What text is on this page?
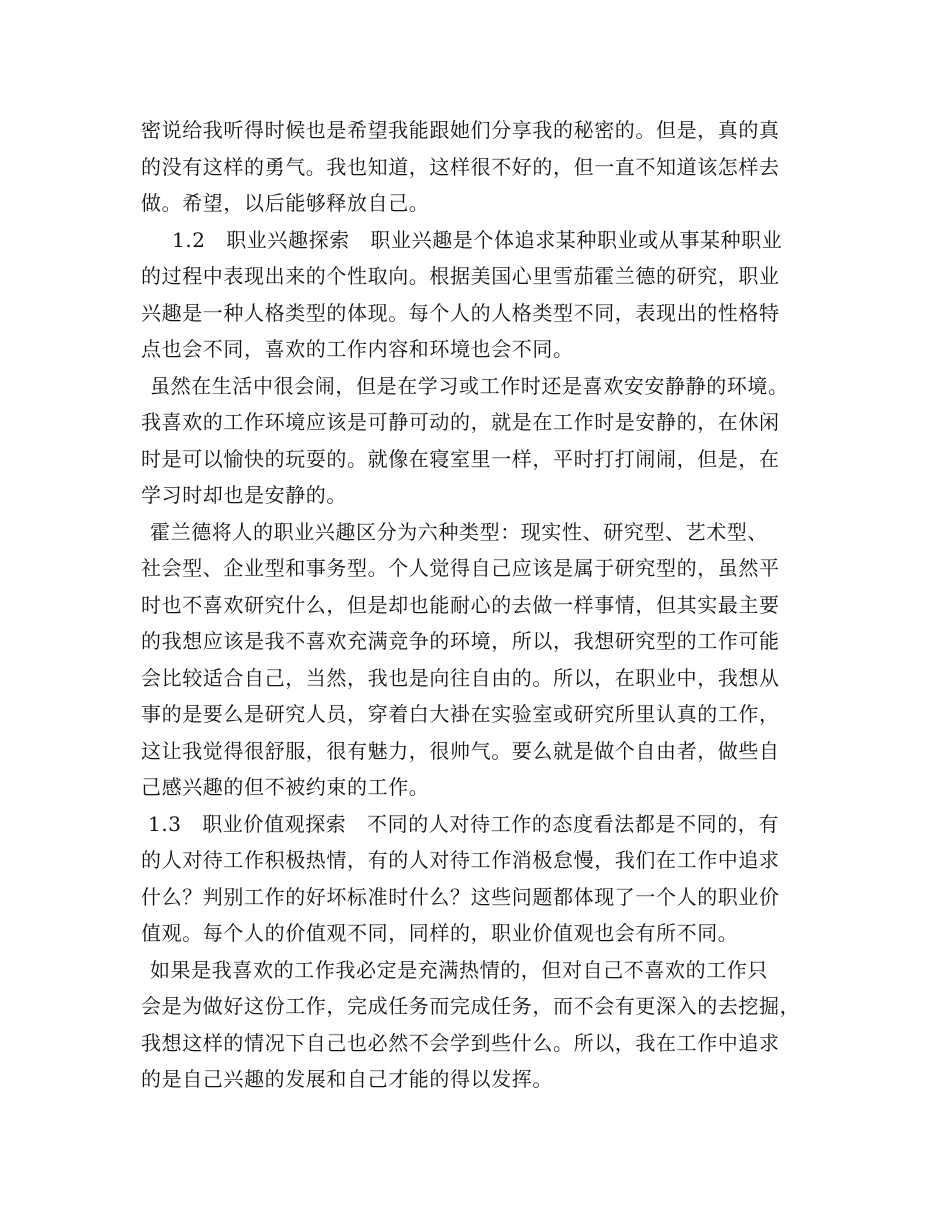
密说给我听得时候也是希望我能跟她们分享我的秘密的。但是，真的真
的没有这样的勇气。我也知道，这样很不好的，但一直不知道该怎样去
做。希望，以后能够释放自己。
1.2　职业兴趣探索　职业兴趣是个体追求某种职业或从事某种职业
的过程中表现出来的个性取向。根据美国心里雪茄霍兰德的研究，职业
兴趣是一种人格类型的体现。每个人的人格类型不同，表现出的性格特
点也会不同，喜欢的工作内容和环境也会不同。
虽然在生活中很会闹，但是在学习或工作时还是喜欢安安静静的环境。
我喜欢的工作环境应该是可静可动的，就是在工作时是安静的，在休闲
时是可以愉快的玩耍的。就像在寝室里一样，平时打打闹闹，但是，在
学习时却也是安静的。
霍兰德将人的职业兴趣区分为六种类型：现实性、研究型、艺术型、
社会型、企业型和事务型。个人觉得自己应该是属于研究型的，虽然平
时也不喜欢研究什么，但是却也能耐心的去做一样事情，但其实最主要
的我想应该是我不喜欢充满竞争的环境，所以，我想研究型的工作可能
会比较适合自己，当然，我也是向往自由的。所以，在职业中，我想从
事的是要么是研究人员，穿着白大褂在实验室或研究所里认真的工作，
这让我觉得很舒服，很有魅力，很帅气。要么就是做个自由者，做些自
己感兴趣的但不被约束的工作。
1.3　职业价值观探索　不同的人对待工作的态度看法都是不同的，有
的人对待工作积极热情，有的人对待工作消极怠慢，我们在工作中追求
什么？判别工作的好坏标准时什么？这些问题都体现了一个人的职业价
值观。每个人的价值观不同，同样的，职业价值观也会有所不同。
如果是我喜欢的工作我必定是充满热情的，但对自己不喜欢的工作只
会是为做好这份工作，完成任务而完成任务，而不会有更深入的去挖掘，
我想这样的情况下自己也必然不会学到些什么。所以，我在工作中追求
的是自己兴趣的发展和自己才能的得以发挥。
